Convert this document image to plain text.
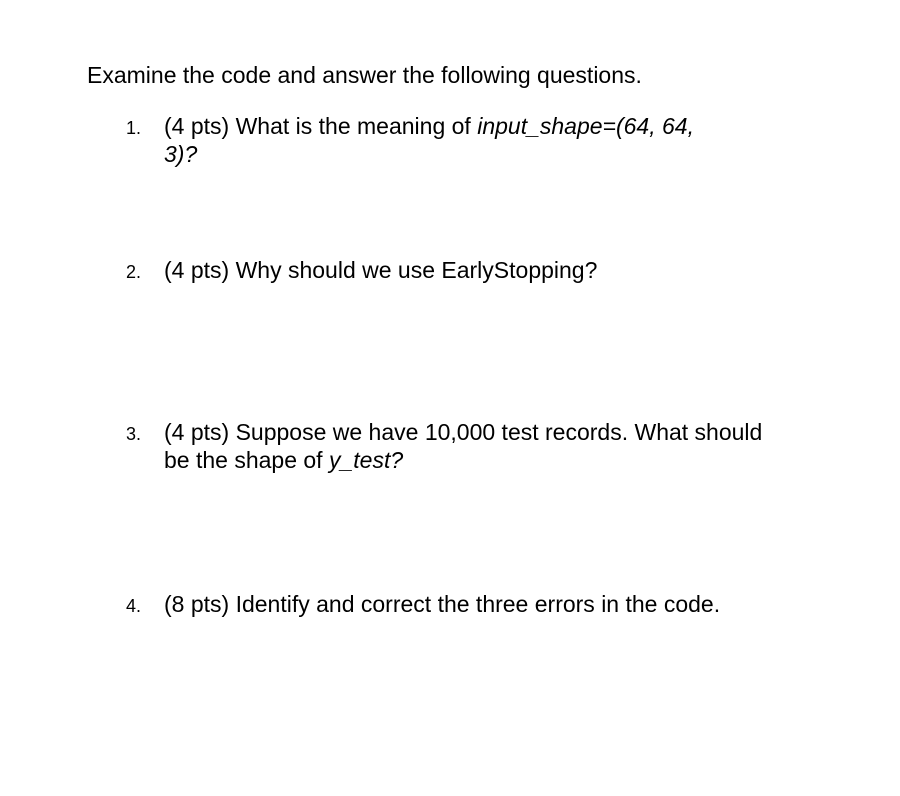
Examine the code and answer the following questions.
1. (4 pts) What is the meaning of input_shape=(64, 64, 3)?
2. (4 pts) Why should we use EarlyStopping?
3. (4 pts) Suppose we have 10,000 test records. What should be the shape of y_test?
4. (8 pts) Identify and correct the three errors in the code.
